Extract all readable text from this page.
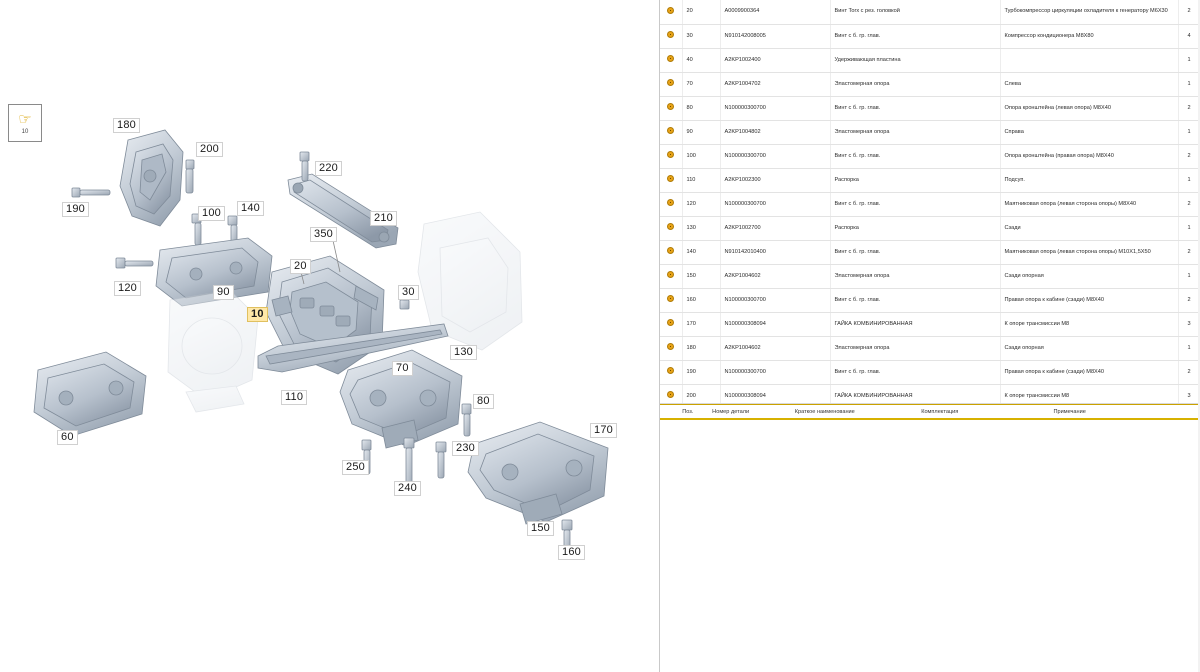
☞
10
180
200
220
190	100	140
210
350
120	90
20
30
10
130
110
70
80
60
170
230
250
240
150
160
	20	A0009900364	Винт Torx с рез. головкой	Турбокомпрессор циркуляции охладителя к генератору M6X30	2
	30	N910142008005	Винт с б. гр. глав.	Компрессор кондиционера M8X80	4
	40	A2KP1002400	Удерживающая пластина		1
	70	A2KP1004702	Эластомерная опора	Слева	1
	80	N100000300700	Винт с б. гр. глав.	Опора кронштейна (левая опора) M8X40	2
	90	A2KP1004802	Эластомерная опора	Справа	1
	100	N100000300700	Винт с б. гр. глав.	Опора кронштейна (правая опора) M8X40	2
	110	A2KP1002300	Распорка	Подсуп.	1
	120	N100000300700	Винт с б. гр. глав.	Маятниковая опора (левая сторона опоры) M8X40	2
	130	A2KP1002700	Распорка	Сзади	1
	140	N910142010400	Винт с б. гр. глав.	Маятниковая опора (левая сторона опоры) M10X1,5X50	2
	150	A2KP1004602	Эластомерная опора	Сзади опорная	1
	160	N100000300700	Винт с б. гр. глав.	Правая опора к кабине (сзади) M8X40	2
	170	N100000308094	ГАЙКА КОМБИНИРОВАННАЯ	К опоре трансмиссии M8	3
	180	A2KP1004602	Эластомерная опора	Сзади опорная	1
	190	N100000300700	Винт с б. гр. глав.	Правая опора к кабине (сзади) M8X40	2
	200	N100000308094	ГАЙКА КОМБИНИРОВАННАЯ	К опоре трансмиссии M8	3
Поз.	Номер детали	Краткое наименование	Комплектация	Примечание
